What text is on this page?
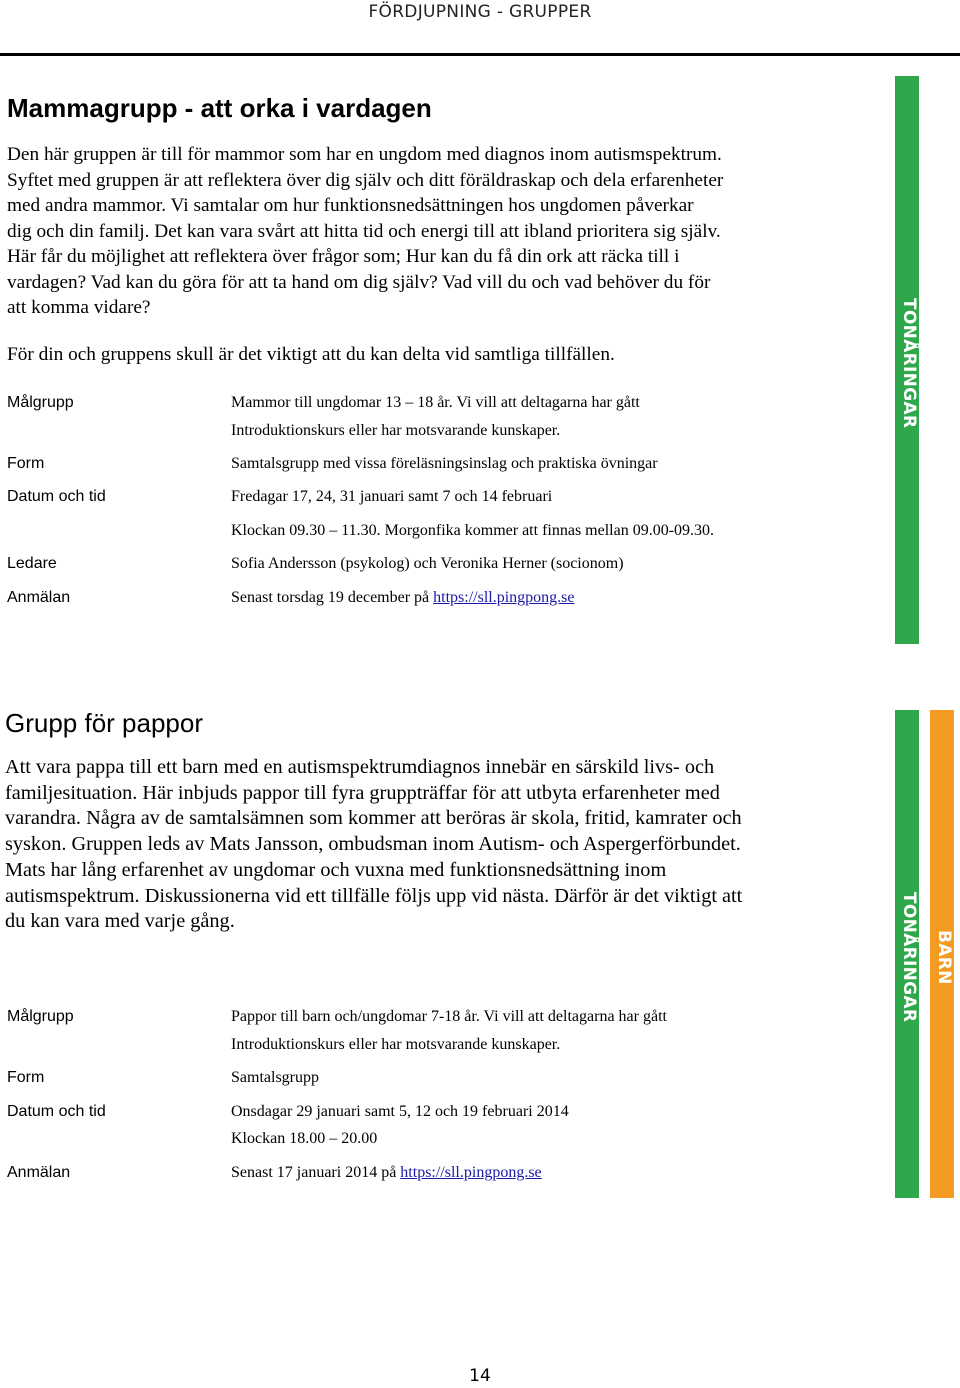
FÖRDJUPNING - GRUPPER
Mammagrupp - att orka i vardagen
Den här gruppen är till för mammor som har en ungdom med diagnos inom autismspektrum.
Syftet med gruppen är att reflektera över dig själv och ditt föräldraskap och dela erfarenheter
med andra mammor. Vi samtalar om hur funktionsnedsättningen hos ungdomen påverkar
dig och din familj. Det kan vara svårt att hitta tid och energi till att ibland prioritera sig själv.
Här får du möjlighet att reflektera över frågor som; Hur kan du få din ork att räcka till i
vardagen? Vad kan du göra för att ta hand om dig själv? Vad vill du och vad behöver du för
att komma vidare?
För din och gruppens skull är det viktigt att du kan delta vid samtliga tillfällen.
Målgrupp	Mammor till ungdomar 13 – 18 år. Vi vill att deltagarna har gått
Introduktionskurs eller har motsvarande kunskaper.
Form	Samtalsgrupp med vissa föreläsningsinslag och praktiska övningar
Datum och tid	Fredagar 17, 24, 31 januari samt 7 och 14 februari
Klockan 09.30 – 11.30. Morgonfika kommer att finnas mellan 09.00-09.30.
Ledare	Sofia Andersson (psykolog) och Veronika Herner (socionom)
Anmälan	Senast torsdag 19 december på https://sll.pingpong.se
TONÅRINGAR
Grupp för pappor
Att vara pappa till ett barn med en autismspektrumdiagnos innebär en särskild livs- och
familjesituation. Här inbjuds pappor till fyra gruppträffar för att utbyta erfarenheter med
varandra. Några av de samtalsämnen som kommer att beröras är skola, fritid, kamrater och
syskon. Gruppen leds av Mats Jansson, ombudsman inom Autism- och Aspergerförbundet.
Mats har lång erfarenhet av ungdomar och vuxna med funktionsnedsättning inom
autismspektrum. Diskussionerna vid ett tillfälle följs upp vid nästa. Därför är det viktigt att
du kan vara med varje gång.
Målgrupp	Pappor till barn och/ungdomar 7-18 år. Vi vill att deltagarna har gått
Introduktionskurs eller har motsvarande kunskaper.
Form	Samtalsgrupp
Datum och tid	Onsdagar 29 januari samt 5, 12 och 19 februari 2014
Klockan 18.00 – 20.00
Anmälan	Senast 17 januari 2014 på https://sll.pingpong.se
TONÅRINGAR BARN
14
